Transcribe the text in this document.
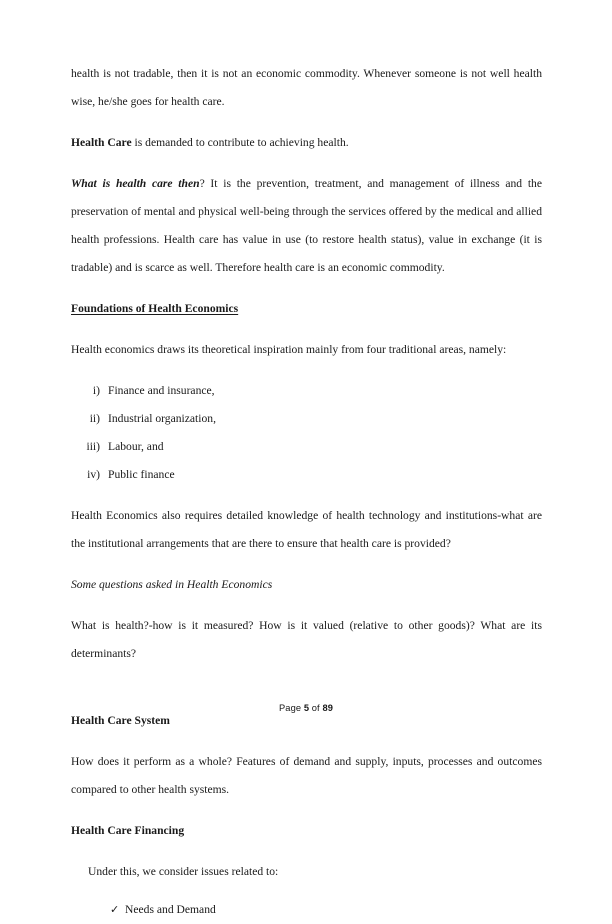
health is not tradable, then it is not an economic commodity. Whenever someone is not well health wise, he/she goes for health care.

Health Care is demanded to contribute to achieving health.

What is health care then? It is the prevention, treatment, and management of illness and the preservation of mental and physical well-being through the services offered by the medical and allied health professions. Health care has value in use (to restore health status), value in exchange (it is tradable) and is scarce as well. Therefore health care is an economic commodity.

Foundations of Health Economics

Health economics draws its theoretical inspiration mainly from four traditional areas, namely:

i) Finance and insurance,
ii) Industrial organization,
iii) Labour, and
iv) Public finance

Health Economics also requires detailed knowledge of health technology and institutions-what are the institutional arrangements that are there to ensure that health care is provided?

Some questions asked in Health Economics

What is health?-how is it measured? How is it valued (relative to other goods)? What are its determinants?

Health Care System

How does it perform as a whole? Features of demand and supply, inputs, processes and outcomes compared to other health systems.

Health Care Financing

Under this, we consider issues related to:

✓ Needs and Demand
Page 5 of 89
